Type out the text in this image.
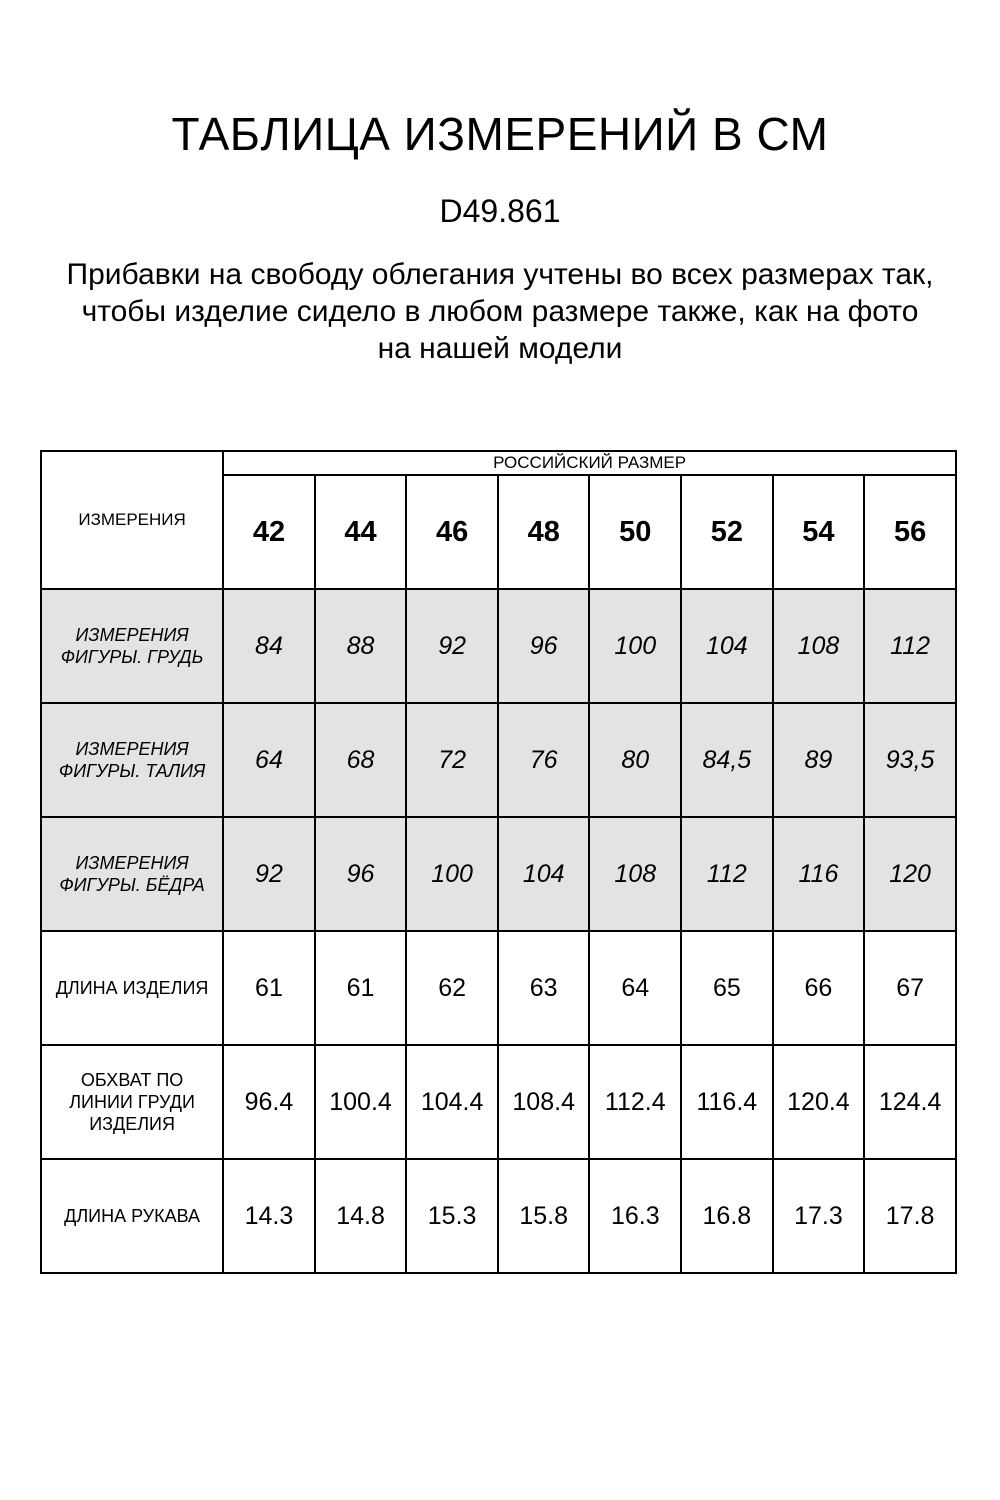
ТАБЛИЦА ИЗМЕРЕНИЙ В СМ
D49.861
Прибавки на свободу облегания учтены во всех размерах так,
чтобы изделие сидело в любом размере также, как на фото
на нашей модели
ИЗМЕРЕНИЯ	РОССИЙСКИЙ РАЗМЕР							
	42	44	46	48	50	52	54	56

ИЗМЕРЕНИЯ
ФИГУРЫ. ГРУДЬ	84	88	92	96	100	104	108	112

ИЗМЕРЕНИЯ
ФИГУРЫ. ТАЛИЯ	64	68	72	76	80	84,5	89	93,5

ИЗМЕРЕНИЯ
ФИГУРЫ. БЁДРА	92	96	100	104	108	112	116	120

ДЛИНА ИЗДЕЛИЯ	61	61	62	63	64	65	66	67

ОБХВАТ ПО
ЛИНИИ ГРУДИ
ИЗДЕЛИЯ	96.4	100.4	104.4	108.4	112.4	116.4	120.4	124.4

ДЛИНА РУКАВА	14.3	14.8	15.3	15.8	16.3	16.8	17.3	17.8
